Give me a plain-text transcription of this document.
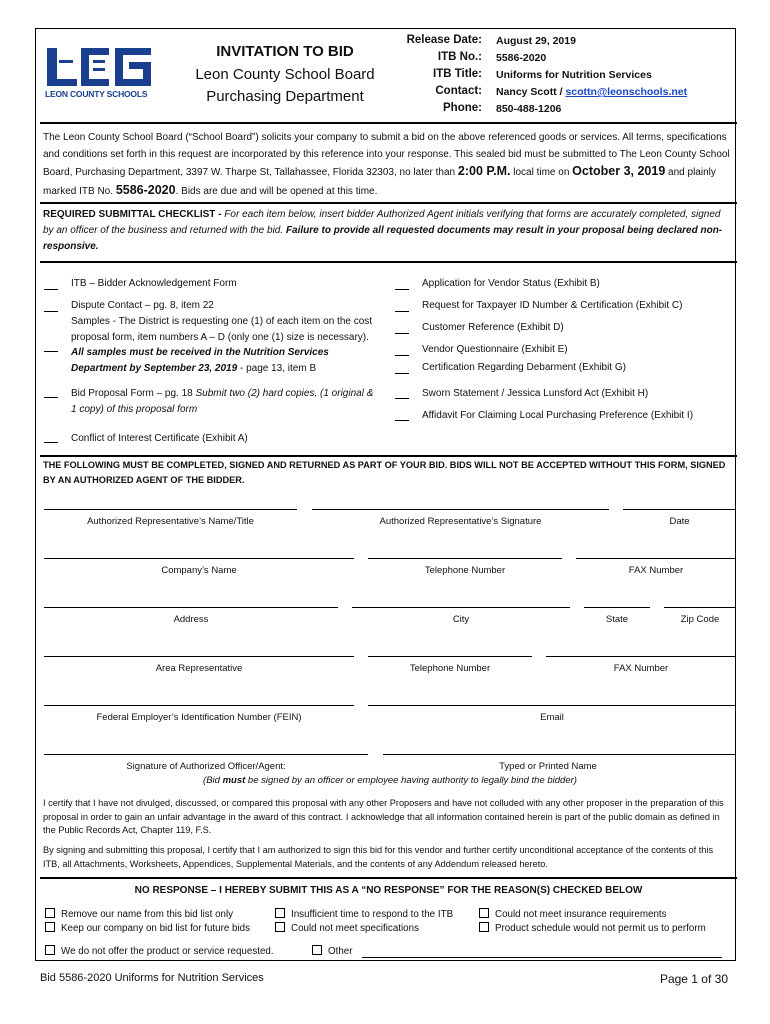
LEON COUNTY SCHOOLS
INVITATION TO BID
Leon County School Board
Purchasing Department
Release Date: August 29, 2019
ITB No.: 5586-2020
ITB Title: Uniforms for Nutrition Services
Contact: Nancy Scott / scottn@leonschools.net
Phone: 850-488-1206
The Leon County School Board (“School Board”) solicits your company to submit a bid on the above referenced goods or services. All terms, specifications and conditions set forth in this request are incorporated by this reference into your response. This sealed bid must be submitted to The Leon County School Board, Purchasing Department, 3397 W. Tharpe St, Tallahassee, Florida 32303, no later than 2:00 P.M. local time on October 3, 2019 and plainly marked ITB No. 5586-2020. Bids are due and will be opened at this time.
REQUIRED SUBMITTAL CHECKLIST - For each item below, insert bidder Authorized Agent initials verifying that forms are accurately completed, signed by an officer of the business and returned with the bid. Failure to provide all requested documents may result in your proposal being declared non-responsive.
ITB – Bidder Acknowledgement Form
Dispute Contact – pg. 8, item 22
Samples - The District is requesting one (1) of each item on the cost proposal form, item numbers A – D (only one (1) size is necessary). All samples must be received in the Nutrition Services Department by September 23, 2019 - page 13, item B
Bid Proposal Form – pg. 18 Submit two (2) hard copies, (1 original & 1 copy) of this proposal form
Conflict of Interest Certificate (Exhibit A)
Application for Vendor Status (Exhibit B)
Request for Taxpayer ID Number & Certification (Exhibit C)
Customer Reference (Exhibit D)
Vendor Questionnaire (Exhibit E)
Certification Regarding Debarment (Exhibit G)
Sworn Statement / Jessica Lunsford Act (Exhibit H)
Affidavit For Claiming Local Purchasing Preference (Exhibit I)
THE FOLLOWING MUST BE COMPLETED, SIGNED AND RETURNED AS PART OF YOUR BID. BIDS WILL NOT BE ACCEPTED WITHOUT THIS FORM, SIGNED BY AN AUTHORIZED AGENT OF THE BIDDER.
Authorized Representative’s Name/Title	Authorized Representative’s Signature	Date
Company’s Name	Telephone Number	FAX Number
Address	City	State	Zip Code
Area Representative	Telephone Number	FAX Number
Federal Employer’s Identification Number (FEIN)	Email
Signature of Authorized Officer/Agent:	Typed or Printed Name
(Bid must be signed by an officer or employee having authority to legally bind the bidder)
I certify that I have not divulged, discussed, or compared this proposal with any other Proposers and have not colluded with any other proposer in the preparation of this proposal in order to gain an unfair advantage in the award of this contract. I acknowledge that all information contained herein is part of the public domain as defined in the Public Records Act, Chapter 119, F.S.
By signing and submitting this proposal, I certify that I am authorized to sign this bid for this vendor and further certify unconditional acceptance of the contents of this ITB, all Attachments, Worksheets, Appendices, Supplemental Materials, and the contents of any Addendum released hereto.
NO RESPONSE – I HEREBY SUBMIT THIS AS A “NO RESPONSE” FOR THE REASON(S) CHECKED BELOW
Remove our name from this bid list only
Keep our company on bid list for future bids
We do not offer the product or service requested.
Insufficient time to respond to the ITB
Could not meet specifications
Other
Could not meet insurance requirements
Product schedule would not permit us to perform
Bid 5586-2020 Uniforms for Nutrition Services	Page 1 of 30
